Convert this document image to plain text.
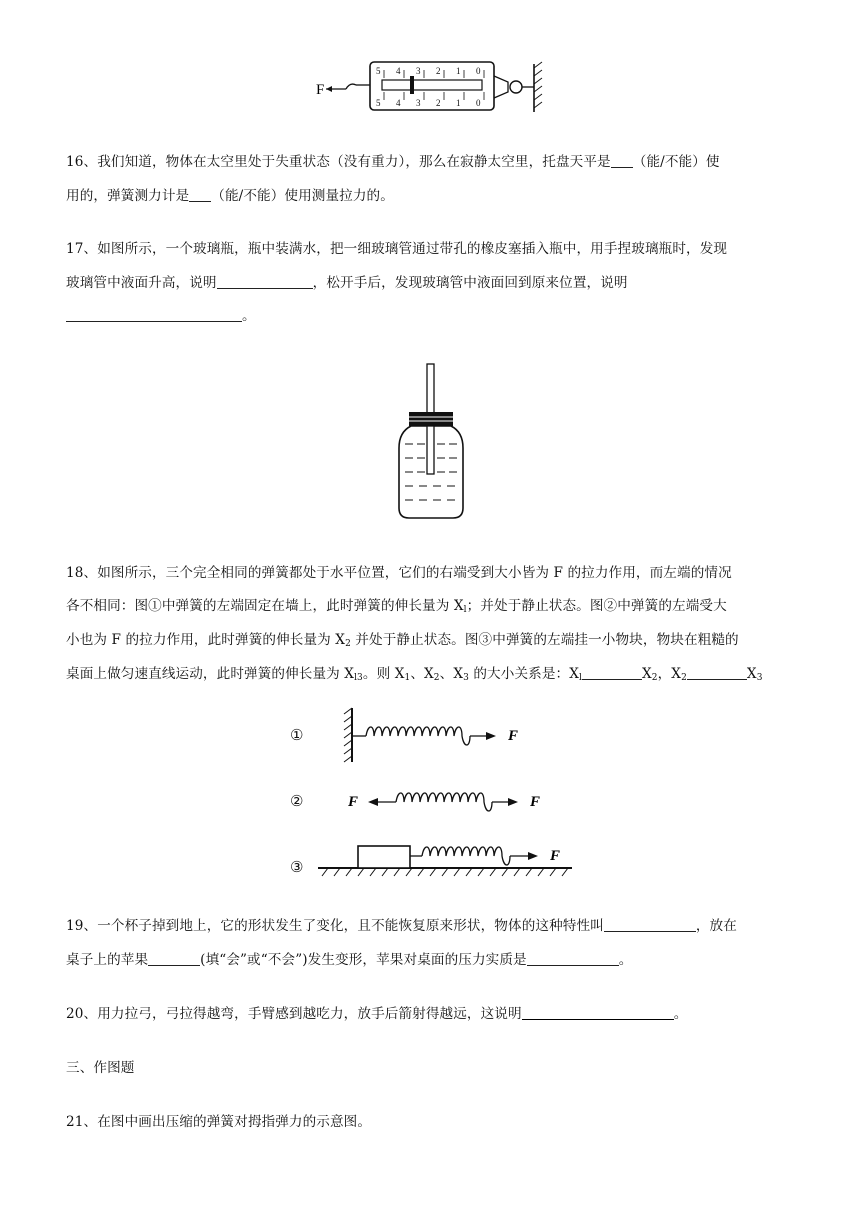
F
5 4 3 2 1 0
5 4 3 2 1 0
16、我们知道，物体在太空里处于失重状态（没有重力），那么在寂静太空里，托盘天平是 （能/不能）使
用的，弹簧测力计是 （能/不能）使用测量拉力的。
17、如图所示，一个玻璃瓶，瓶中装满水，把一细玻璃管通过带孔的橡皮塞插入瓶中，用手捏玻璃瓶时，发现
玻璃管中液面升高，说明	，松开手后，发现玻璃管中液面回到原来位置，说明
。
18、如图所示，三个完全相同的弹簧都处于水平位置，它们的右端受到大小皆为 F 的拉力作用，而左端的情况
各不相同：图①中弹簧的左端固定在墙上，此时弹簧的伸长量为 $X_l$；并处于静止状态。图②中弹簧的左端受大
小也为 F 的拉力作用，此时弹簧的伸长量为 $X_2$ 并处于静止状态。图③中弹簧的左端挂一小物块，物块在粗糙的
桌面上做匀速直线运动，此时弹簧的伸长量为 $X_{l3}$。则 $X_1$、$X_2$、$X_3$ 的大小关系是：$X_l$	$X_2$，$X_2$	$X_3$
①
②
③
F
F	F
F
19、一个杯子掉到地上，它的形状发生了变化，且不能恢复原来形状，物体的这种特性叫	，放在
桌子上的苹果	(填“会”或“不会”)发生变形，苹果对桌面的压力实质是	。
20、用力拉弓，弓拉得越弯，手臂感到越吃力，放手后箭射得越远，这说明	。
三、作图题
21、在图中画出压缩的弹簧对拇指弹力的示意图。
